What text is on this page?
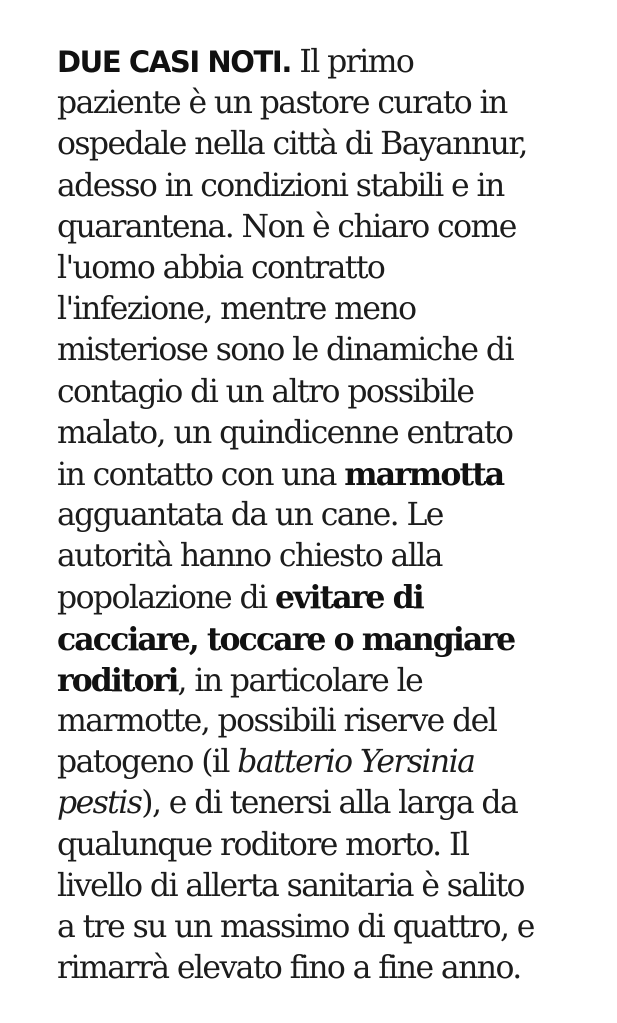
DUE CASI NOTI. Il primo
paziente è un pastore curato in
ospedale nella città di Bayannur,
adesso in condizioni stabili e in
quarantena. Non è chiaro come
l'uomo abbia contratto
l'infezione, mentre meno
misteriose sono le dinamiche di
contagio di un altro possibile
malato, un quindicenne entrato
in contatto con una marmotta
agguantata da un cane. Le
autorità hanno chiesto alla
popolazione di evitare di
cacciare, toccare o mangiare
roditori, in particolare le
marmotte, possibili riserve del
patogeno (il batterio Yersinia
pestis), e di tenersi alla larga da
qualunque roditore morto. Il
livello di allerta sanitaria è salito
a tre su un massimo di quattro, e
rimarrà elevato fino a fine anno.
